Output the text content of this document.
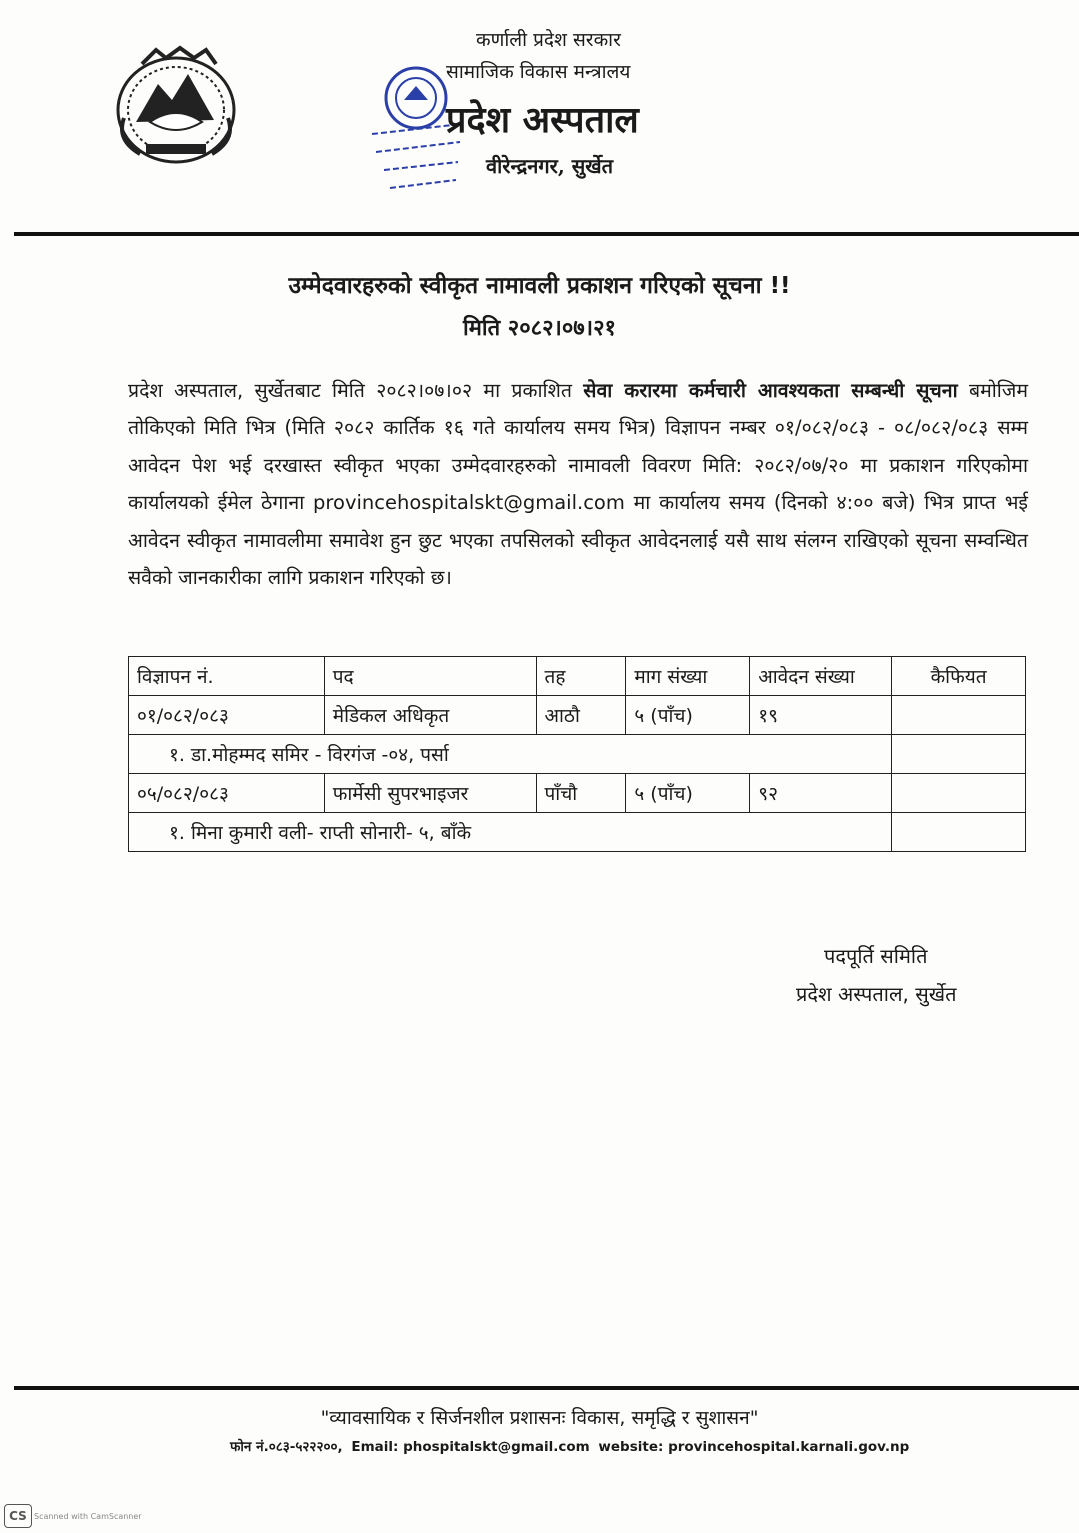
कर्णाली प्रदेश सरकार
सामाजिक विकास मन्त्रालय
प्रदेश अस्पताल
वीरेन्द्रनगर, सुर्खेत
उम्मेदवारहरुको स्वीकृत नामावली प्रकाशन गरिएको सूचना !!
मिति २०८२।०७।२१
प्रदेश अस्पताल, सुर्खेतबाट मिति २०८२।०७।०२ मा प्रकाशित सेवा करारमा कर्मचारी आवश्यकता सम्बन्धी सूचना बमोजिम तोकिएको मिति भित्र (मिति २०८२ कार्तिक १६ गते कार्यालय समय भित्र) विज्ञापन नम्बर ०१/०८२/०८३ - ०८/०८२/०८३ सम्म आवेदन पेश भई दरखास्त स्वीकृत भएका उम्मेदवारहरुको नामावली विवरण मिति: २०८२/०७/२० मा प्रकाशन गरिएकोमा कार्यालयको ईमेल ठेगाना provincehospitalskt@gmail.com मा कार्यालय समय (दिनको ४:०० बजे) भित्र प्राप्त भई आवेदन स्वीकृत नामावलीमा समावेश हुन छुट भएका तपसिलको स्वीकृत आवेदनलाई यसै साथ संलग्न राखिएको सूचना सम्वन्धित सवैको जानकारीका लागि प्रकाशन गरिएको छ।
विज्ञापन नं.	पद	तह	माग संख्या	आवेदन संख्या	कैफियत
०१/०८२/०८३	मेडिकल अधिकृत	आठौ	५ (पाँच)	१९	
१. डा.मोहम्मद समिर - विरगंज -०४, पर्सा					
०५/०८२/०८३	फार्मेसी सुपरभाइजर	पाँचौ	५ (पाँच)	९२	
१. मिना कुमारी वली- राप्ती सोनारी- ५, बाँके					
पदपूर्ति समिति
प्रदेश अस्पताल, सुर्खेत
"व्यावसायिक र सिर्जनशील प्रशासनः विकास, समृद्धि र सुशासन"
फोन नं.०८३-५२२२००, Email: phospitalskt@gmail.com website: provincehospital.karnali.gov.np
CS Scanned with CamScanner
